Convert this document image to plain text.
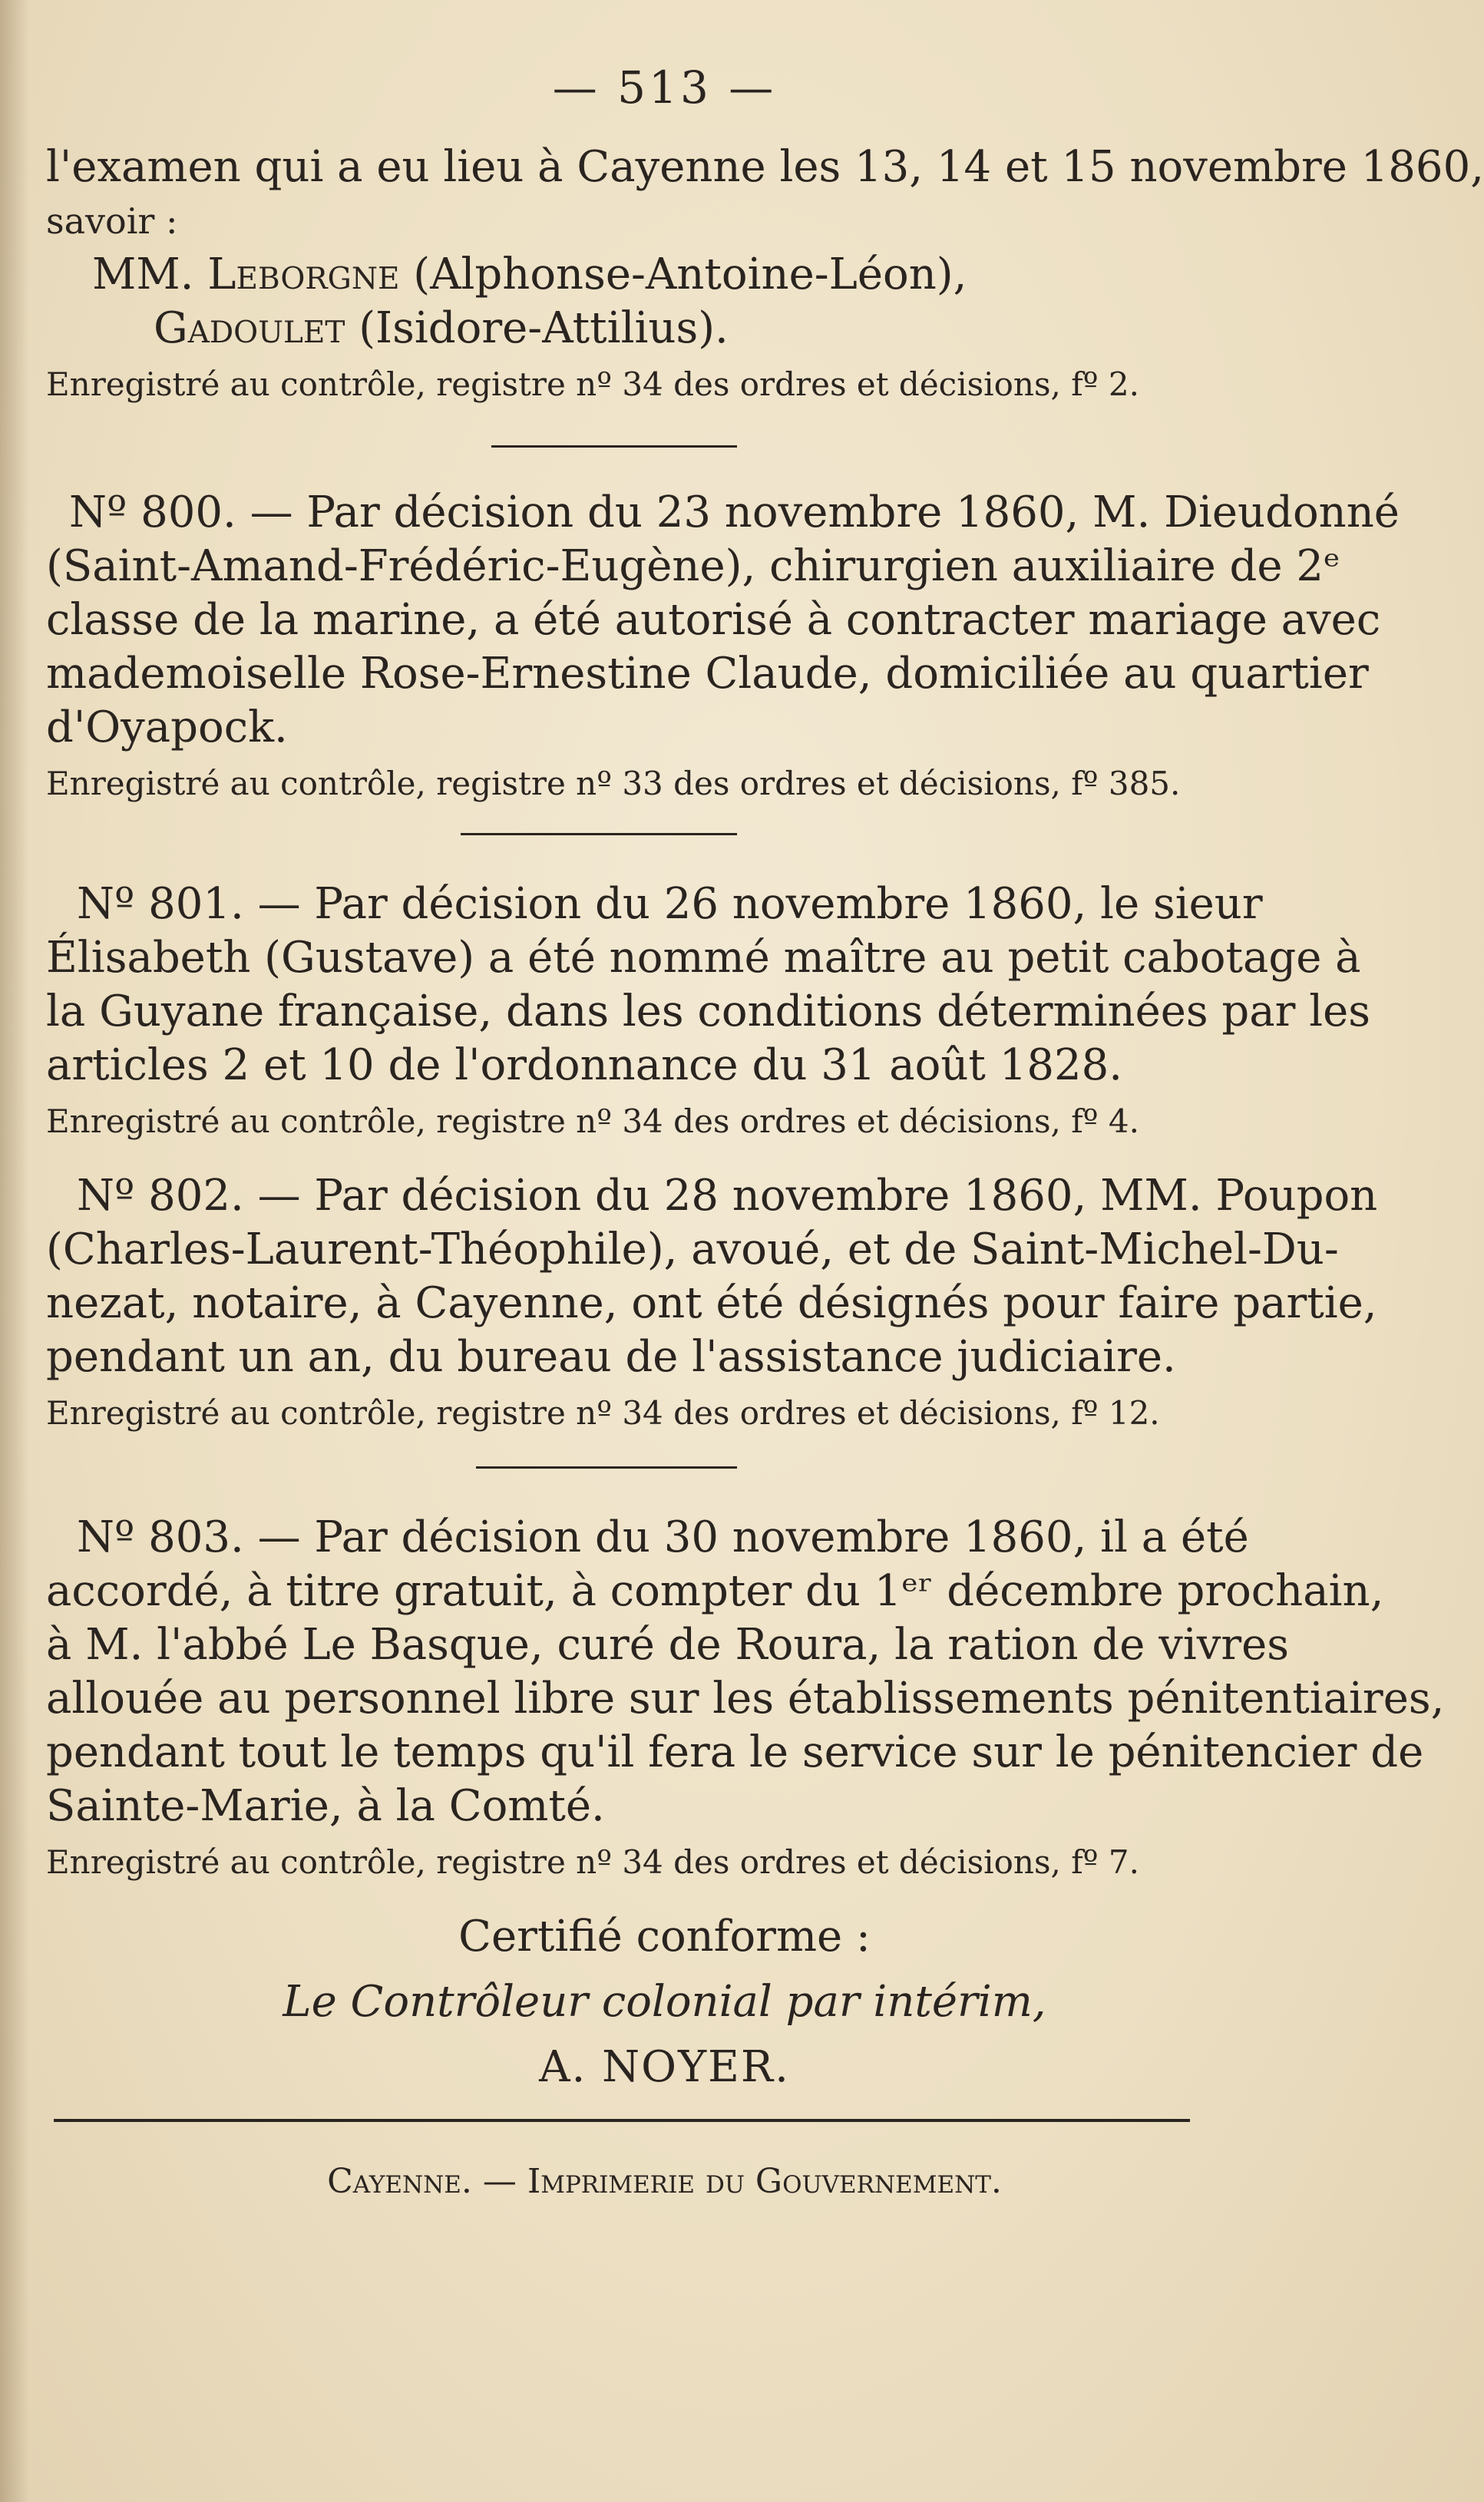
— 513 —
l'examen qui a eu lieu à Cayenne les 13, 14 et 15 novembre 1860,
savoir :
MM. Leborgne (Alphonse-Antoine-Léon),
Gadoulet (Isidore-Attilius).
Enregistré au contrôle, registre nº 34 des ordres et décisions, fº 2.
Nº 800. — Par décision du 23 novembre 1860, M. Dieudonné
(Saint-Amand-Frédéric-Eugène), chirurgien auxiliaire de 2ᵉ
classe de la marine, a été autorisé à contracter mariage avec
mademoiselle Rose-Ernestine Claude, domiciliée au quartier
d'Oyapock.
Enregistré au contrôle, registre nº 33 des ordres et décisions, fº 385.
Nº 801. — Par décision du 26 novembre 1860, le sieur
Élisabeth (Gustave) a été nommé maître au petit cabotage à
la Guyane française, dans les conditions déterminées par les
articles 2 et 10 de l'ordonnance du 31 août 1828.
Enregistré au contrôle, registre nº 34 des ordres et décisions, fº 4.
Nº 802. — Par décision du 28 novembre 1860, MM. Poupon
(Charles-Laurent-Théophile), avoué, et de Saint-Michel-Du-
nezat, notaire, à Cayenne, ont été désignés pour faire partie,
pendant un an, du bureau de l'assistance judiciaire.
Enregistré au contrôle, registre nº 34 des ordres et décisions, fº 12.
Nº 803. — Par décision du 30 novembre 1860, il a été
accordé, à titre gratuit, à compter du 1ᵉʳ décembre prochain,
à M. l'abbé Le Basque, curé de Roura, la ration de vivres
allouée au personnel libre sur les établissements pénitentiaires,
pendant tout le temps qu'il fera le service sur le pénitencier de
Sainte-Marie, à la Comté.
Enregistré au contrôle, registre nº 34 des ordres et décisions, fº 7.
Certifié conforme :
Le Contrôleur colonial par intérim,
A. NOYER.
Cayenne. — Imprimerie du Gouvernement.
